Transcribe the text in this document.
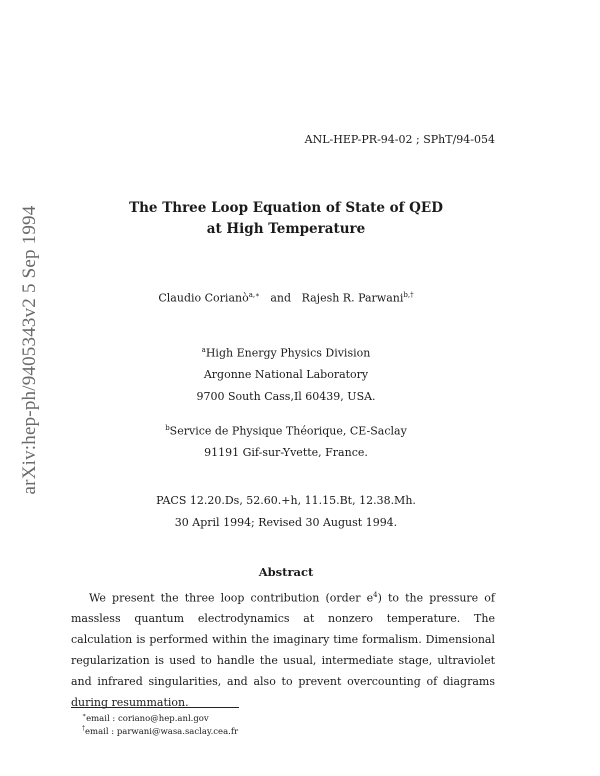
arXiv:hep-ph/9405343v2 5 Sep 1994
ANL-HEP-PR-94-02 ; SPhT/94-054
The Three Loop Equation of State of QED
at High Temperature
Claudio Corianò$^{a,∗}$ and Rajesh R. Parwani$^{b,\dagger}$
$^a$High Energy Physics Division
Argonne National Laboratory
9700 South Cass,Il 60439, USA.
$^b$Service de Physique Théorique, CE-Saclay
91191 Gif-sur-Yvette, France.
PACS 12.20.Ds, 52.60.+h, 11.15.Bt, 12.38.Mh.
30 April 1994; Revised 30 August 1994.
Abstract
We present the three loop contribution (order $e^4$) to the pressure of massless quantum electrodynamics at nonzero temperature. The calculation is performed within the imaginary time formalism. Dimensional regularization is used to handle the usual, intermediate stage, ultraviolet and infrared singularities, and also to prevent overcounting of diagrams during resummation.
∗email : coriano@hep.anl.gov
†email : parwani@wasa.saclay.cea.fr
